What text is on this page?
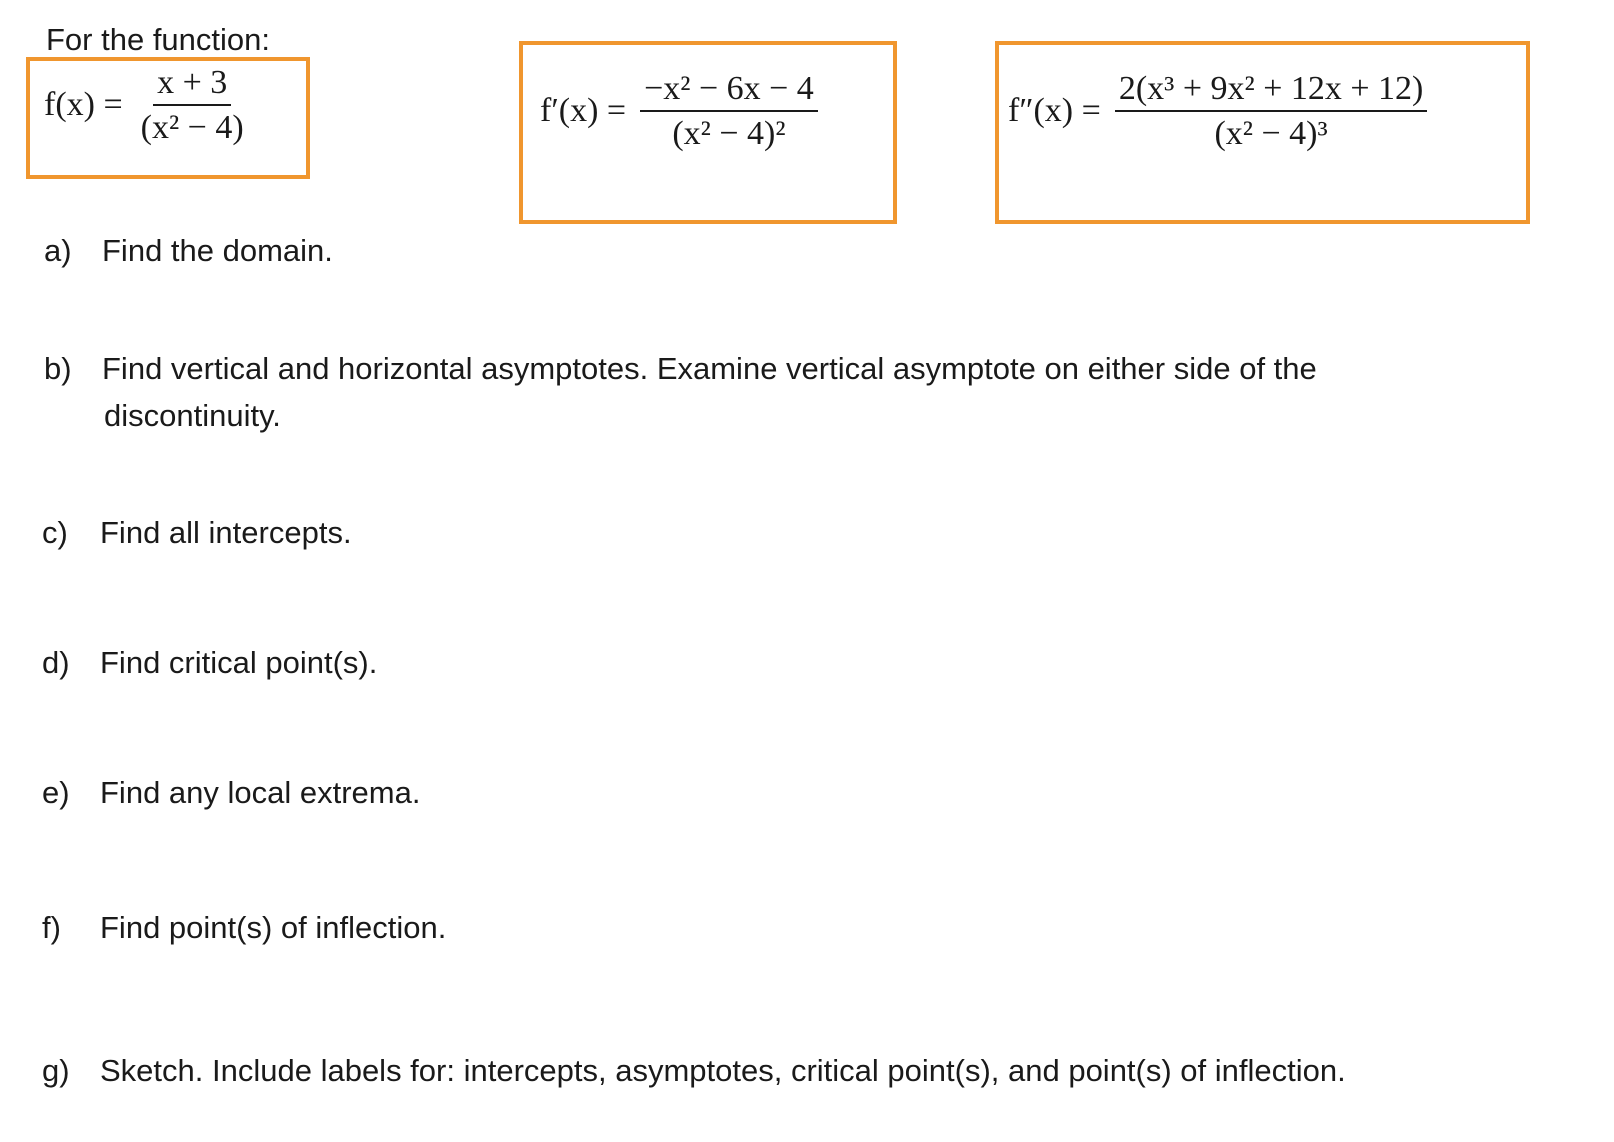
For the function:
$f(x) = \frac{x + 3}{\text{(x² − 4)}}$	$f'(x) = \frac{\text{−x² − 6x − 4}}{\text{(x² − 4)²}}$	$f''(x) = \frac{\text{2(x³ + 9x² + 12x + 12)}}{\text{(x² − 4)³}}$
a) Find the domain.
b) Find vertical and horizontal asymptotes. Examine vertical asymptote on either side of the
discontinuity.
c) Find all intercepts.
d) Find critical point(s).
e) Find any local extrema.
f) Find point(s) of inflection.
g) Sketch. Include labels for: intercepts, asymptotes, critical point(s), and point(s) of inflection.
